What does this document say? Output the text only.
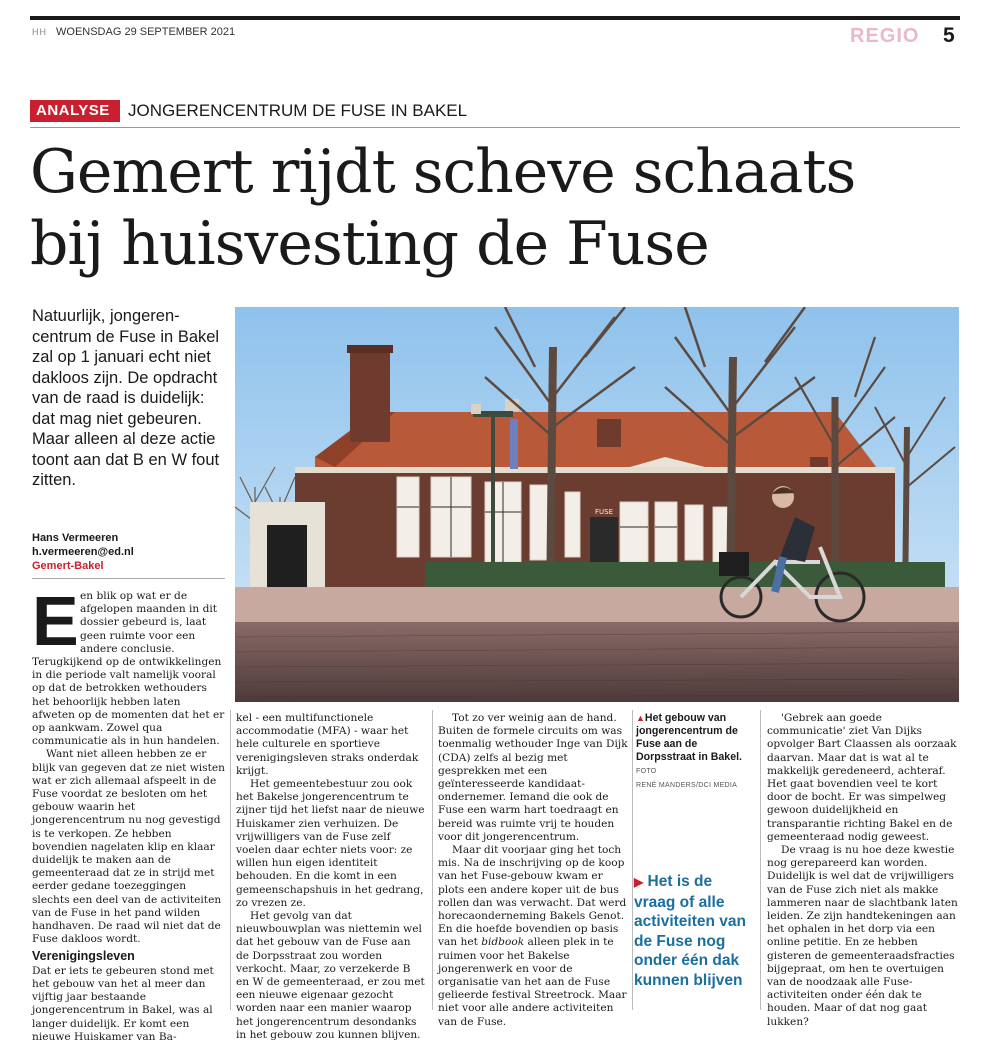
HH WOENSDAG 29 SEPTEMBER 2021	REGIO 5
ANALYSE JONGERENCENTRUM DE FUSE IN BAKEL
Gemert rijdt scheve schaats
bij huisvesting de Fuse
Natuurlijk, jongeren-centrum de Fuse in Bakel zal op 1 januari echt niet dakloos zijn. De opdracht van de raad is duidelijk: dat mag niet gebeuren. Maar alleen al deze actie toont aan dat B en W fout zitten.
Hans Vermeeren
h.vermeeren@ed.nl
Gemert-Bakel
E en blik op wat er de afgelopen maanden in dit dossier gebeurd is, laat geen ruimte voor een andere conclusie. Terugkijkend op de ontwikkelingen in die periode valt namelijk vooral op dat de betrokken wethouders het behoorlijk hebben laten afweten op de momenten dat het er op aankwam. Zowel qua communicatie als in hun handelen.

Want niet alleen hebben ze er blijk van gegeven dat ze niet wisten wat er zich allemaal afspeelt in de Fuse voordat ze besloten om het gebouw waarin het jongerencentrum nu nog gevestigd is te verkopen. Ze hebben bovendien nagelaten klip en klaar duidelijk te maken aan de gemeenteraad dat ze in strijd met eerder gedane toezeggingen slechts een deel van de activiteiten van de Fuse in het pand wilden handhaven. De raad wil niet dat de Fuse dakloos wordt.

Verenigingsleven

Dat er iets te gebeuren stond met het gebouw van het al meer dan vijftig jaar bestaande jongerencentrum in Bakel, was al langer duidelijk. Er komt een nieuwe Huiskamer van Ba-

kel - een multifunctionele accommodatie (MFA) - waar het hele culturele en sportieve verenigingsleven straks onderdak krijgt.

Het gemeentebestuur zou ook het Bakelse jongerencentrum te zijner tijd het liefst naar de nieuwe Huiskamer zien verhuizen. De vrijwilligers van de Fuse zelf voelen daar echter niets voor: ze willen hun eigen identiteit behouden. En die komt in een gemeenschapshuis in het gedrang, zo vrezen ze.

Het gevolg van dat nieuwbouwplan was niettemin wel dat het gebouw van de Fuse aan de Dorpsstraat zou worden verkocht. Maar, zo verzekerde B en W de gemeenteraad, er zou met een nieuwe eigenaar gezocht worden naar een manier waarop het jongerencentrum desondanks in het gebouw zou kunnen blijven.

Tot zo ver weinig aan de hand. Buiten de formele circuits om was toenmalig wethouder Inge van Dijk (CDA) zelfs al bezig met gesprekken met een geïnteresseerde kandidaat-ondernemer. Iemand die ook de Fuse een warm hart toedraagt en bereid was ruimte vrij te houden voor dit jongerencentrum.

Maar dit voorjaar ging het toch mis. Na de inschrijving op de koop van het Fuse-gebouw kwam er plots een andere koper uit de bus rollen dan was verwacht. Dat werd horecaonderneming Bakels Genot. En die hoefde bovendien op basis van het bidbook alleen plek in te ruimen voor het Bakelse jongerenwerk en voor de organisatie van het aan de Fuse gelieerde festival Streetrock. Maar niet voor alle andere activiteiten van de Fuse.

▲Het gebouw van jongerencentrum de Fuse aan de Dorpsstraat in Bakel. FOTO
RENÉ MANDERS/DCI MEDIA
▶ Het is de vraag of alle activiteiten van de Fuse nog onder één dak kunnen blijven

'Gebrek aan goede communicatie' ziet Van Dijks opvolger Bart Claassen als oorzaak daarvan. Maar dat is wat al te makkelijk geredeneerd, achteraf. Het gaat bovendien veel te kort door de bocht. Er was simpelweg gewoon duidelijkheid en transparantie richting Bakel en de gemeenteraad nodig geweest.

De vraag is nu hoe deze kwestie nog gerepareerd kan worden. Duidelijk is wel dat de vrijwilligers van de Fuse zich niet als makke lammeren naar de slachtbank laten leiden. Ze zijn handtekeningen aan het ophalen in het dorp via een online petitie. En ze hebben gisteren de gemeenteraadsfracties bijgepraat, om hen te overtuigen van de noodzaak alle Fuse-activiteiten onder één dak te houden. Maar of dat nog gaat lukken?

FUSE
